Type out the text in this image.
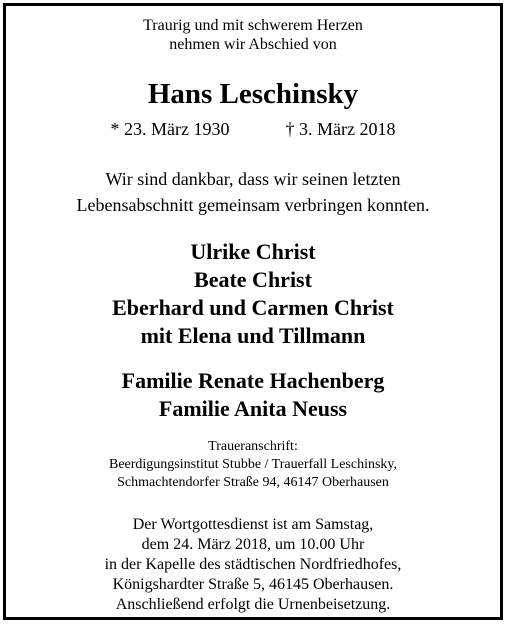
Traurig und mit schwerem Herzen
nehmen wir Abschied von
Hans Leschinsky
* 23. März 1930	† 3. März 2018
Wir sind dankbar, dass wir seinen letzten
Lebensabschnitt gemeinsam verbringen konnten.
Ulrike Christ
Beate Christ
Eberhard und Carmen Christ
mit Elena und Tillmann
Familie Renate Hachenberg
Familie Anita Neuss
Traueranschrift:
Beerdigungsinstitut Stubbe / Trauerfall Leschinsky,
Schmachtendorfer Straße 94, 46147 Oberhausen
Der Wortgottesdienst ist am Samstag,
dem 24. März 2018, um 10.00 Uhr
in der Kapelle des städtischen Nordfriedhofes,
Königshardter Straße 5, 46145 Oberhausen.
Anschließend erfolgt die Urnenbeisetzung.
